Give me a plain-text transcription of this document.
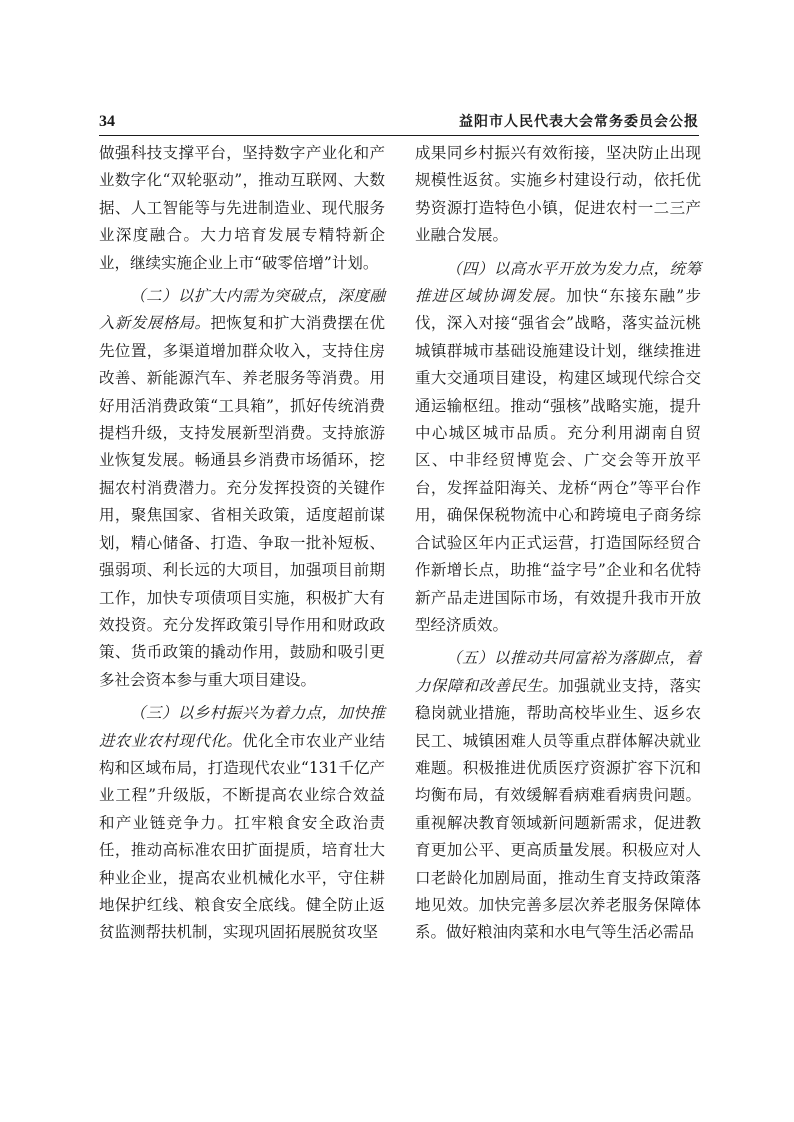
34	益阳市人民代表大会常务委员会公报

做强科技支撑平台，坚持数字产业化和产业数字化“双轮驱动”，推动互联网、大数据、人工智能等与先进制造业、现代服务业深度融合。大力培育发展专精特新企业，继续实施企业上市“破零倍增”计划。

（二）以扩大内需为突破点，深度融入新发展格局。把恢复和扩大消费摆在优先位置，多渠道增加群众收入，支持住房改善、新能源汽车、养老服务等消费。用好用活消费政策“工具箱”，抓好传统消费提档升级，支持发展新型消费。支持旅游业恢复发展。畅通县乡消费市场循环，挖掘农村消费潜力。充分发挥投资的关键作用，聚焦国家、省相关政策，适度超前谋划，精心储备、打造、争取一批补短板、强弱项、利长远的大项目，加强项目前期工作，加快专项债项目实施，积极扩大有效投资。充分发挥政策引导作用和财政政策、货币政策的撬动作用，鼓励和吸引更多社会资本参与重大项目建设。

（三）以乡村振兴为着力点，加快推进农业农村现代化。优化全市农业产业结构和区域布局，打造现代农业“131千亿产业工程”升级版，不断提高农业综合效益和产业链竞争力。扛牢粮食安全政治责任，推动高标准农田扩面提质，培育壮大种业企业，提高农业机械化水平，守住耕地保护红线、粮食安全底线。健全防止返贫监测帮扶机制，实现巩固拓展脱贫攻坚

成果同乡村振兴有效衔接，坚决防止出现规模性返贫。实施乡村建设行动，依托优势资源打造特色小镇，促进农村一二三产业融合发展。

（四）以高水平开放为发力点，统筹推进区域协调发展。加快“东接东融”步伐，深入对接“强省会”战略，落实益沅桃城镇群城市基础设施建设计划，继续推进重大交通项目建设，构建区域现代综合交通运输枢纽。推动“强核”战略实施，提升中心城区城市品质。充分利用湖南自贸区、中非经贸博览会、广交会等开放平台，发挥益阳海关、龙桥“两仓”等平台作用，确保保税物流中心和跨境电子商务综合试验区年内正式运营，打造国际经贸合作新增长点，助推“益字号”企业和名优特新产品走进国际市场，有效提升我市开放型经济质效。

（五）以推动共同富裕为落脚点，着力保障和改善民生。加强就业支持，落实稳岗就业措施，帮助高校毕业生、返乡农民工、城镇困难人员等重点群体解决就业难题。积极推进优质医疗资源扩容下沉和均衡布局，有效缓解看病难看病贵问题。重视解决教育领域新问题新需求，促进教育更加公平、更高质量发展。积极应对人口老龄化加剧局面，推动生育支持政策落地见效。加快完善多层次养老服务保障体系。做好粮油肉菜和水电气等生活必需品
